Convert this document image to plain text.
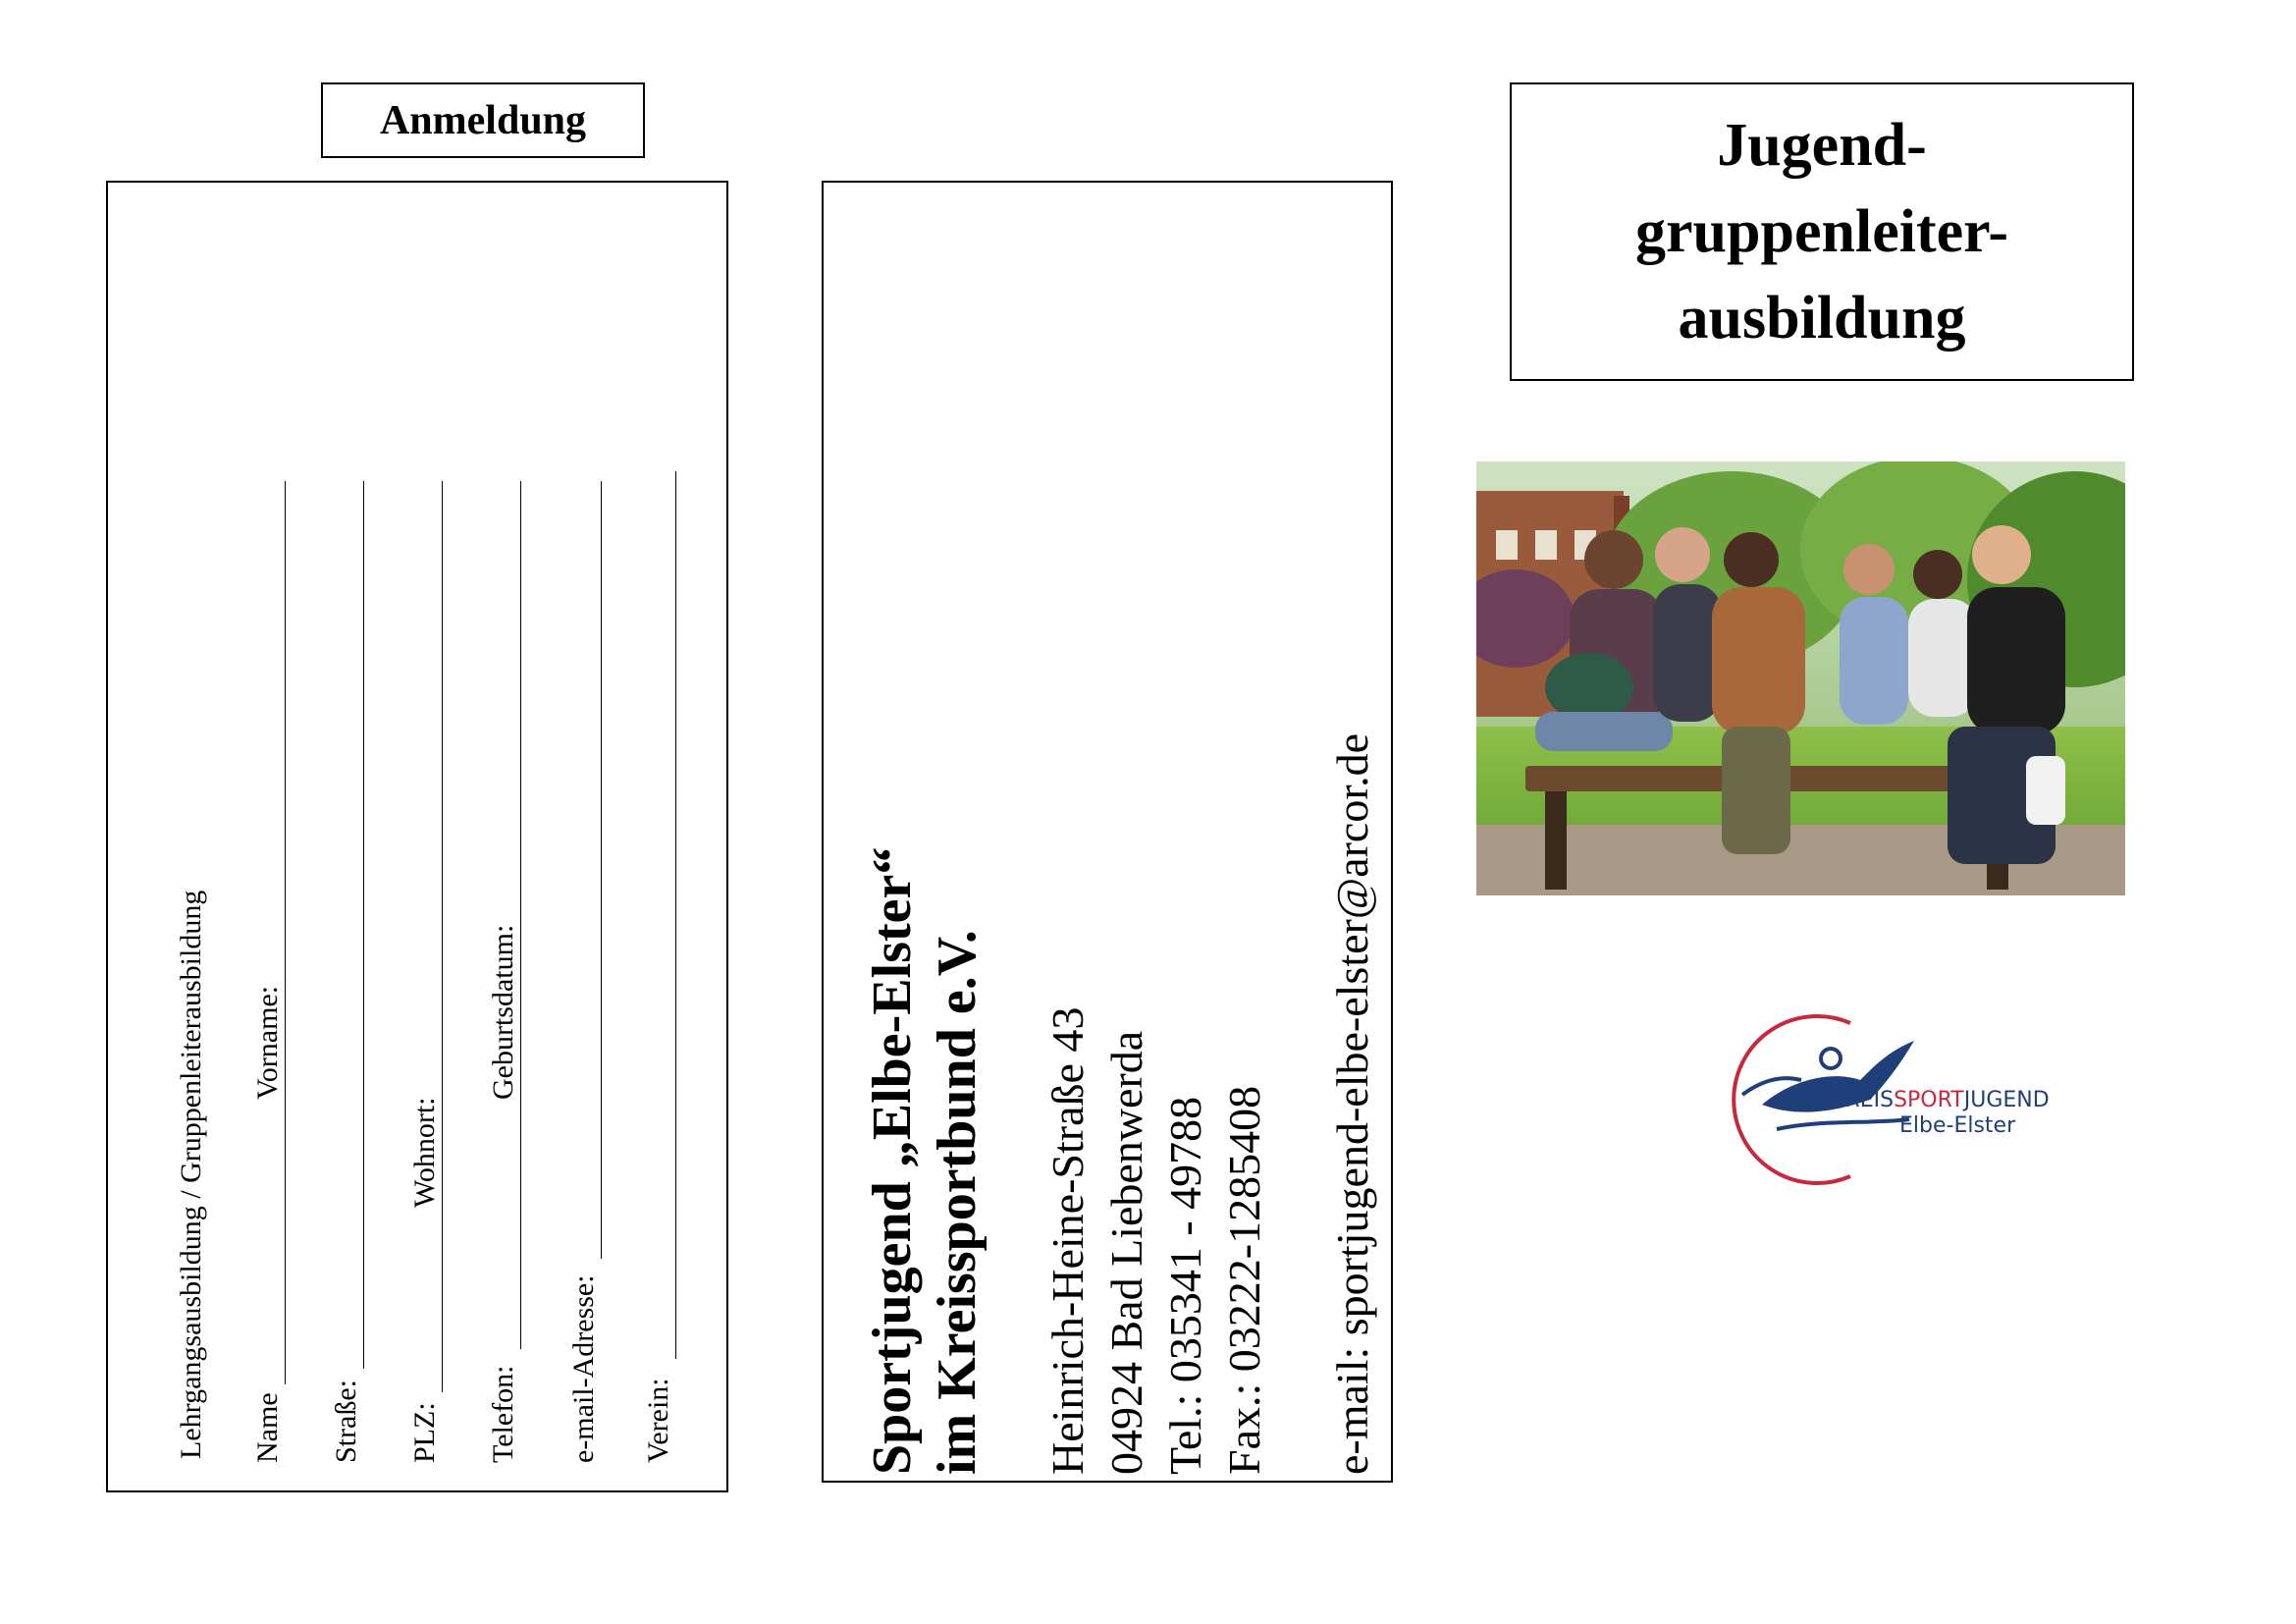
Anmeldung
Lehrgangsausbildung / Gruppenleiterausbildung Name
Vorname:
Straße: PLZ:
Wohnort:
Telefon:
Geburtsdatum:
e-mail-Adresse: Verein:	Sportjugend „Elbe-Elster“ im Kreissportbund e.V. Heinrich-Heine-Straße 43 04924 Bad Liebenwerda Tel.: 035341 - 49788 Fax.: 03222-1285408 e-mail: sportjugend-elbe-elster@arcor.de
Jugend-
gruppenleiter-
ausbildung
KREISSPORTJUGEND
Elbe-Elster
